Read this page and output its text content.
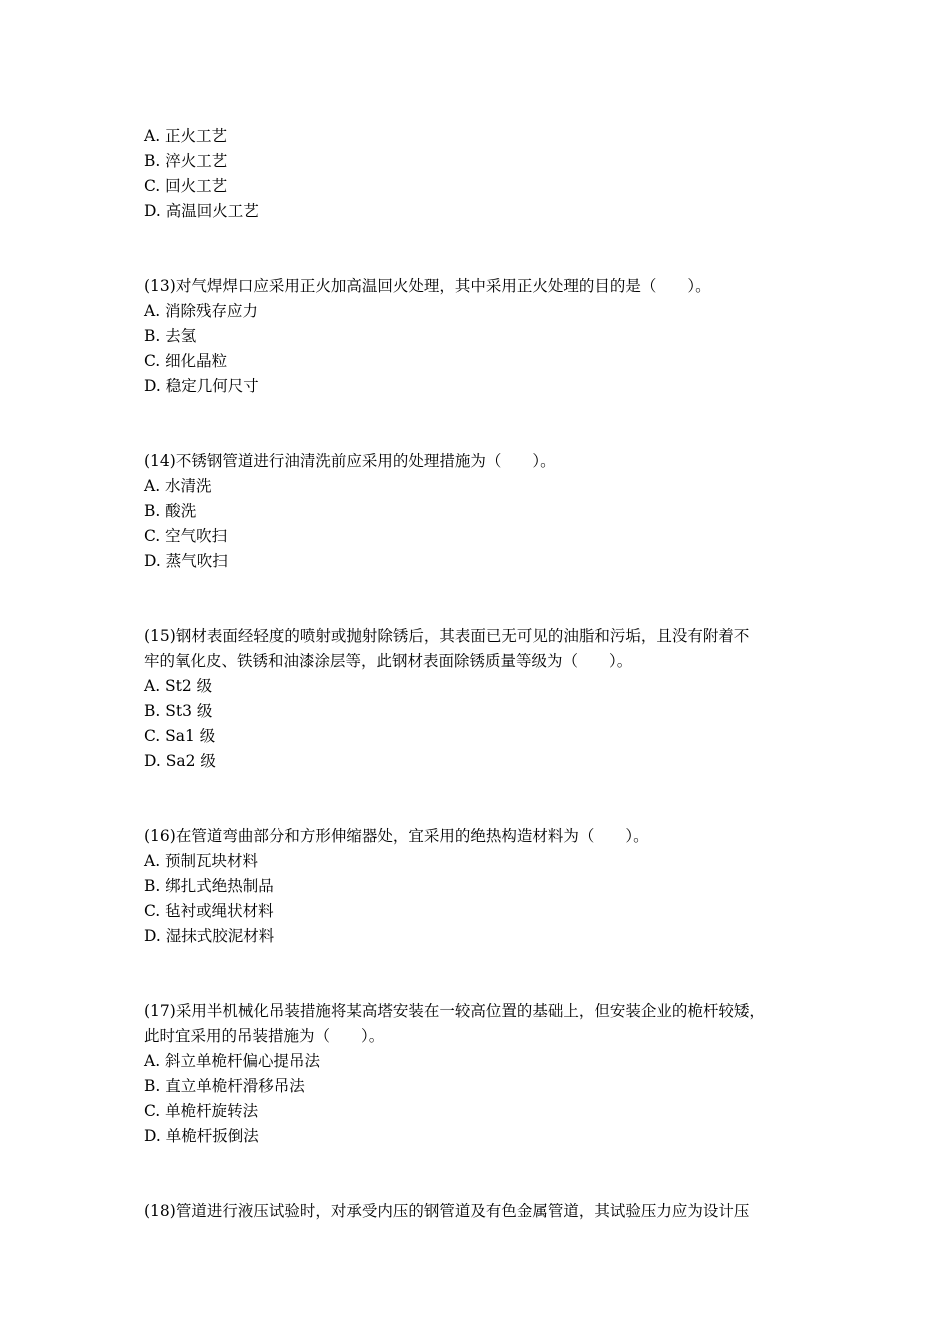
A. 正火工艺

B. 淬火工艺

C. 回火工艺

D. 高温回火工艺

(13)对气焊焊口应采用正火加高温回火处理，其中采用正火处理的目的是（　　）。

A. 消除残存应力

B. 去氢

C. 细化晶粒

D. 稳定几何尺寸

(14)不锈钢管道进行油清洗前应采用的处理措施为（　　）。

A. 水清洗

B. 酸洗

C. 空气吹扫

D. 蒸气吹扫

(15)钢材表面经轻度的喷射或抛射除锈后，其表面已无可见的油脂和污垢，且没有附着不

牢的氧化皮、铁锈和油漆涂层等，此钢材表面除锈质量等级为（　　）。

A. St2 级

B. St3 级

C. Sa1 级

D. Sa2 级

(16)在管道弯曲部分和方形伸缩器处，宜采用的绝热构造材料为（　　）。

A. 预制瓦块材料

B. 绑扎式绝热制品

C. 毡衬或绳状材料

D. 湿抹式胶泥材料

(17)采用半机械化吊装措施将某高塔安装在一较高位置的基础上，但安装企业的桅杆较矮，

此时宜采用的吊装措施为（　　）。

A. 斜立单桅杆偏心提吊法

B. 直立单桅杆滑移吊法

C. 单桅杆旋转法

D. 单桅杆扳倒法

(18)管道进行液压试验时，对承受内压的钢管道及有色金属管道，其试验压力应为设计压
